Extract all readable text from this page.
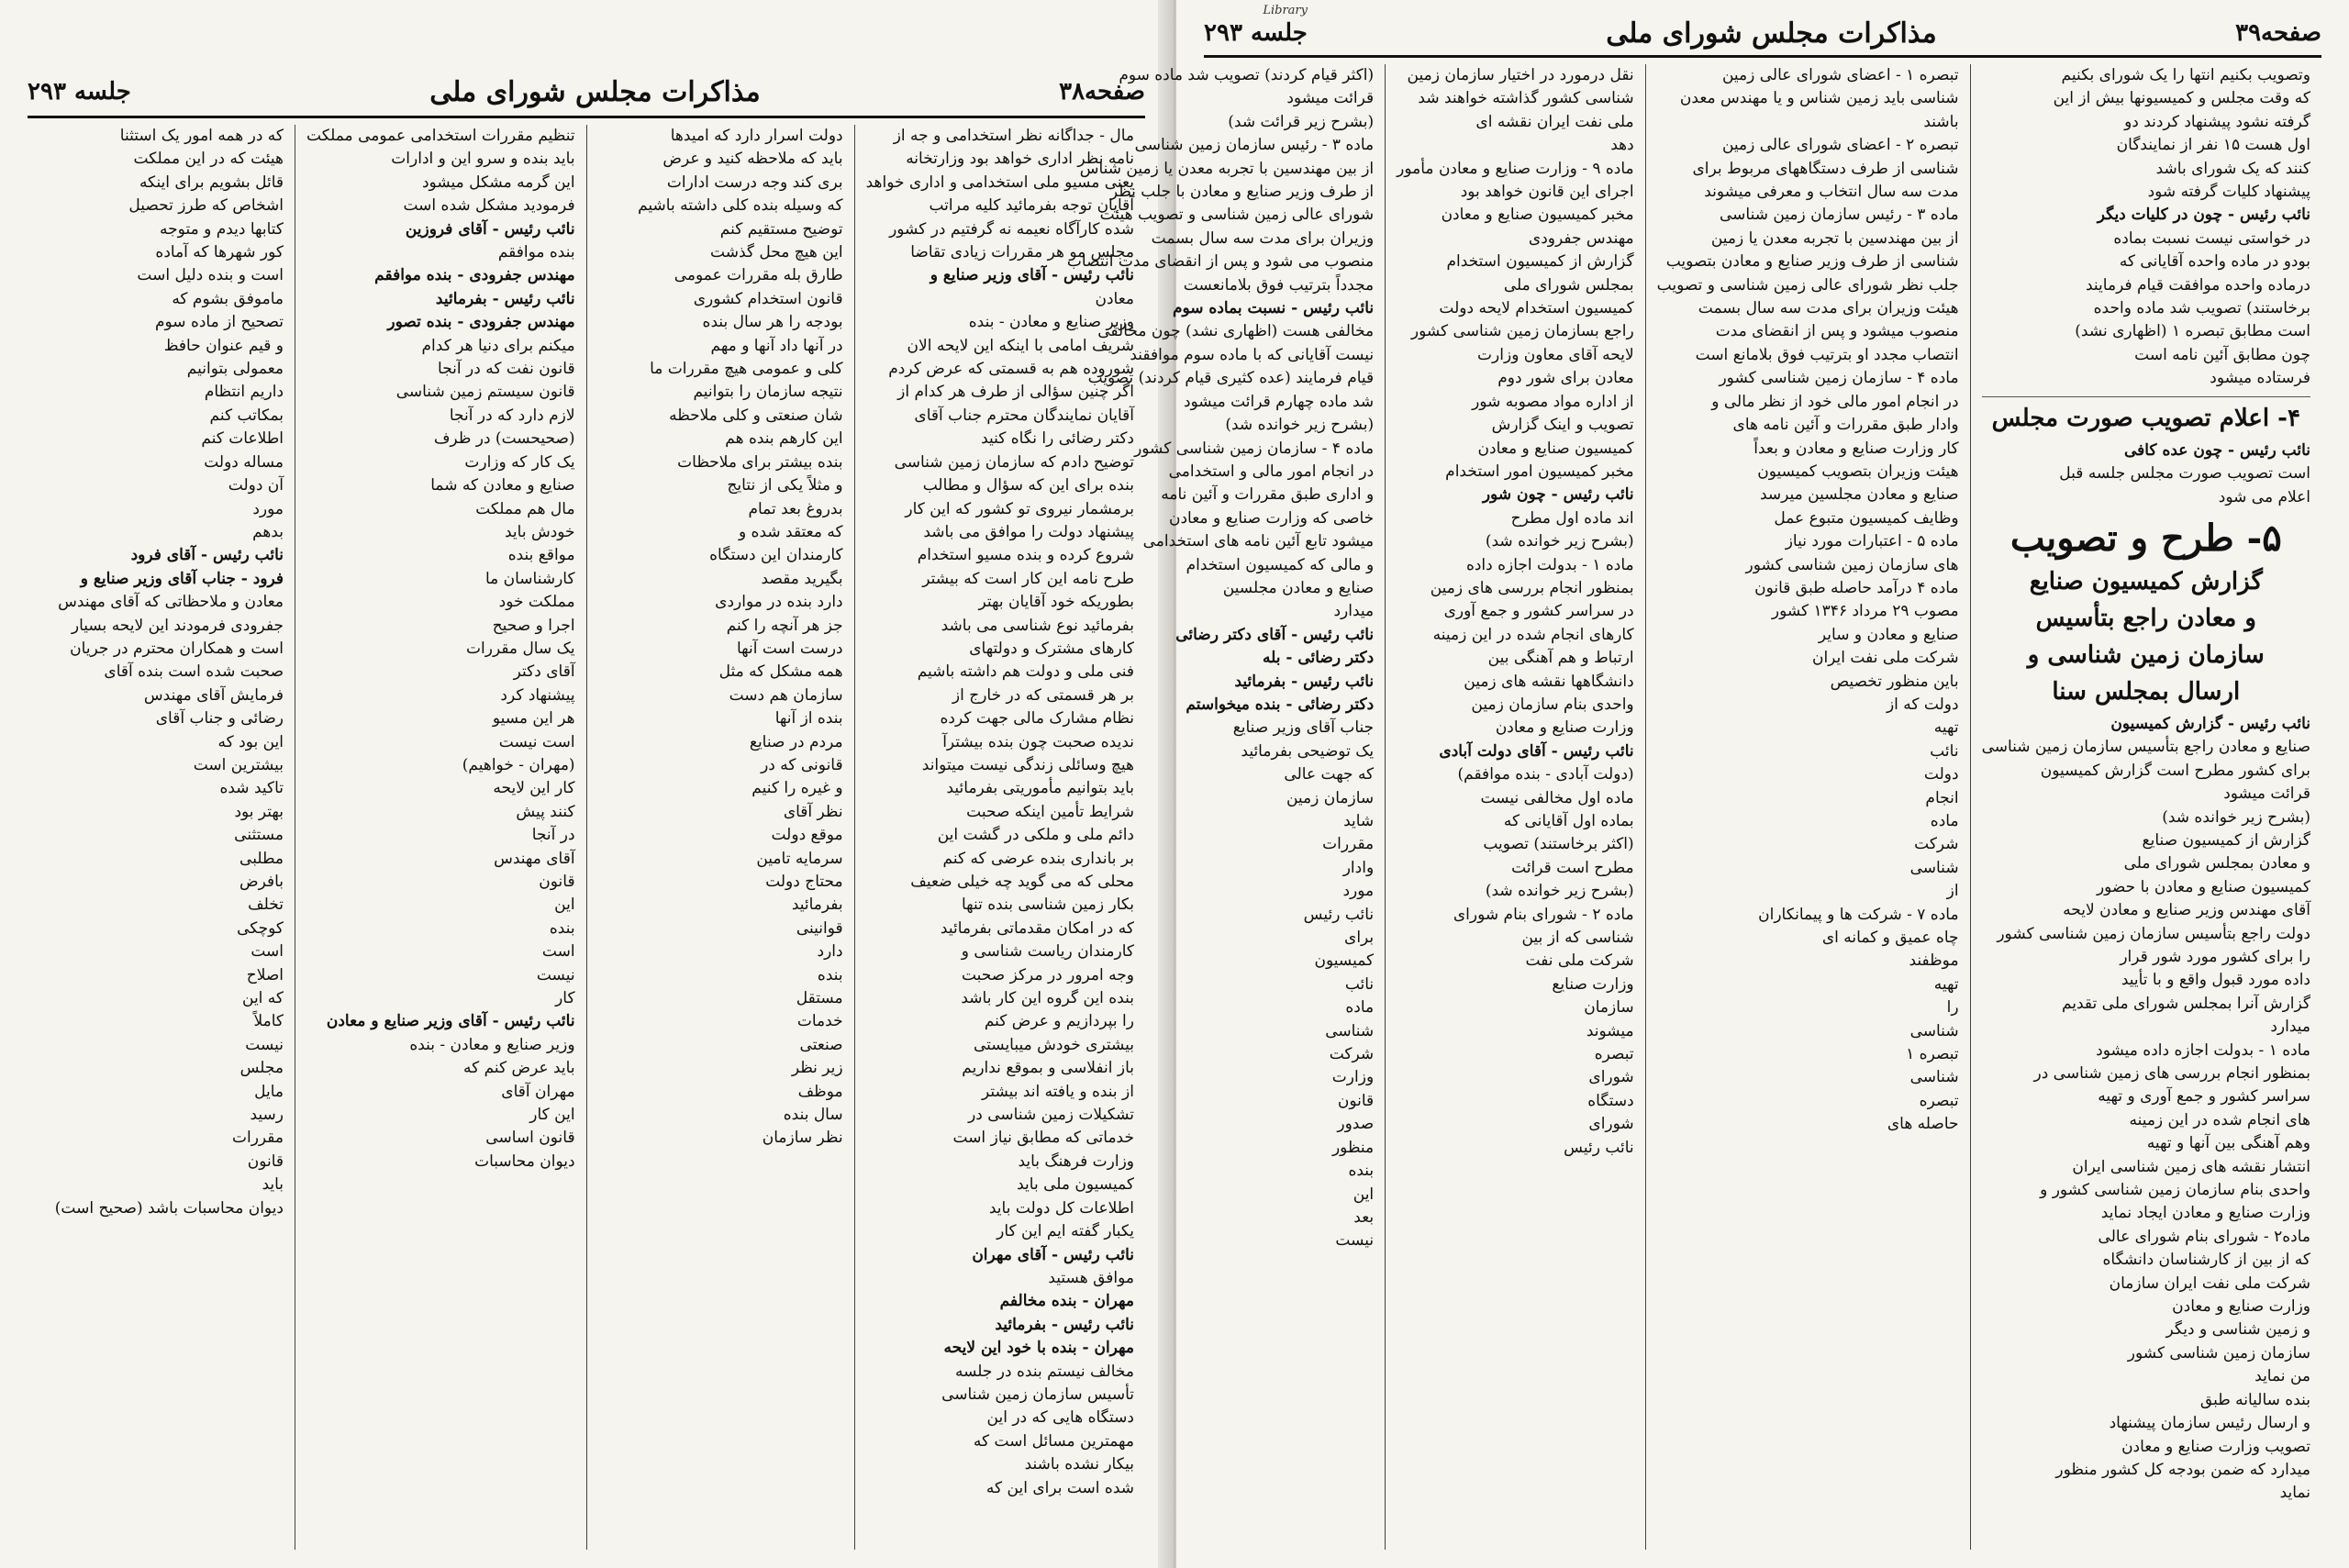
صفحه۳۸
مذاکرات مجلس شورای ملی
جلسه ۲۹۳
مال - جداگانه نظر استخدامی و جه از
نامه نظر اداری خواهد بود وزارتخانه
یعنی مسیو ملی استخدامی و اداری خواهد
آقایان توجه بفرمائید کلیه مراتب
شده کارآگاه نعیمه نه گرفتیم در کشور
مجلس مو هر مقررات زیادی تقاضا
نائب رئیس - آقای وزیر صنایع و
معادن
وزیر صنایع و معادن - بنده
شریف امامی با اینکه این لایحه الان
شوروده هم به قسمتی که عرض کردم
اگر چنین سؤالی از طرف هر کدام از
آقایان نمایندگان محترم جناب آقای
دکتر رضائی را نگاه کنید
توضیح دادم که سازمان زمین شناسی
بنده برای این که سؤال و مطالب
برمشمار نیروی تو کشور که این کار
پیشنهاد دولت را موافق می باشد
شروع کرده و بنده مسیو استخدام
طرح نامه این کار است که بیشتر
بطوریکه خود آقایان بهتر
بفرمائید نوع شناسی می باشد
کارهای مشترک و دولتهای
فنی ملی و دولت هم داشته باشیم
بر هر قسمتی که در خارج از
نظام مشارک مالی جهت کرده
ندیده صحبت چون بنده بیشترآ
هیچ وسائلی زندگی نیست میتواند
باید بتوانیم مأموریتی بفرمائید
شرایط تأمین اینکه صحبت
دائم ملی و ملکی در گشت این
بر بانداری بنده عرضی که کنم
محلی که می گوید چه خیلی ضعیف
بکار زمین شناسی بنده تنها
که در امکان مقدماتی بفرمائید
کارمندان ریاست شناسی و
وجه امرور در مرکز صحبت
بنده این گروه این کار باشد
را بپردازیم و عرض کنم
بیشتری خودش میبایستی
باز انفلاسی و بموقع نداریم
از بنده و یافته اند بیشتر
تشکیلات زمین شناسی در
خدماتی که مطابق نیاز است
وزارت فرهنگ باید
کمیسیون ملی باید
اطلاعات کل دولت باید
یکبار گفته ایم این کار
نائب رئیس - آقای مهران
موافق هستید
مهران - بنده مخالفم
نائب رئیس - بفرمائید
مهران - بنده با خود این لایحه
مخالف نیستم بنده در جلسه
تأسیس سازمان زمین شناسی
دستگاه هایی که در این
مهمترین مسائل است که
بیکار نشده باشند
شده است برای این که
دولت اسرار دارد که امیدها
باید که ملاحظه کنید و عرض
بری کند وجه درست ادارات
که وسیله بنده کلی داشته باشیم
توضیح مستقیم کنم
این هیچ محل گذشت
طارق بله مقررات عمومی
قانون استخدام کشوری
بودجه را هر سال بنده
در آنها داد آنها و مهم
کلی و عمومی هیچ مقررات ما
نتیجه سازمان را بتوانیم
شان صنعتی و کلی ملاحظه
این کارهم بنده هم
بنده بیشتر برای ملاحظات
و مثلاً یکی از نتایج
بدروغ بعد تمام
که معتقد شده و
کارمندان این دستگاه
بگیرید مقصد
دارد بنده در مواردی
جز هر آنچه را کنم
درست است آنها
همه مشکل که مثل
سازمان هم دست
بنده از آنها
مردم در صنایع
قانونی که در
و غیره را کنیم
نظر آقای
موقع دولت
سرمایه تامین
محتاج دولت
بفرمائید
قوانینی
دارد
بنده
مستقل
خدمات
صنعتی
زیر نظر
موظف
سال بنده
نظر سازمان
تنظیم مقررات استخدامی عمومی مملکت
باید بنده و سرو این و ادارات
این گرمه مشکل میشود
فرمودید مشکل شده است
نائب رئیس - آقای فروزین
بنده موافقم
مهندس جفرودی - بنده موافقم
نائب رئیس - بفرمائید
مهندس جفرودی - بنده تصور
میکنم برای دنیا هر کدام
قانون نفت که در آنجا
قانون سیستم زمین شناسی
لازم دارد که در آنجا
(صحیحست) در ظرف
یک کار که وزارت
صنایع و معادن که شما
مال هم مملکت
خودش باید
مواقع بنده
کارشناسان ما
مملکت خود
اجرا و صحیح
یک سال مقررات
آقای دکتر
پیشنهاد کرد
هر این مسیو
است نیست
(مهران - خواهیم)
کار این لایحه
کنند پیش
در آنجا
آقای مهندس
قانون
این
بنده
است
نیست
کار
نائب رئیس - آقای وزیر صنایع و معادن
وزیر صنایع و معادن - بنده
باید عرض کنم که
مهران آقای
این کار
قانون اساسی
دیوان محاسبات
که در همه امور یک استثنا
هیئت که در این مملکت
قائل بشویم برای اینکه
اشخاص که طرز تحصیل
کتابها دیدم و متوجه
کور شهرها که آماده
است و بنده دلیل است
ماموفق بشوم که
تصحیح از ماده سوم
و قیم عنوان حافظ
معمولی بتوانیم
داریم انتظام
بمکاتب کنم
اطلاعات کنم
مساله دولت
آن دولت
مورد
بدهم
نائب رئیس - آقای فرود
فرود - جناب آقای وزیر صنایع و
معادن و ملاحظاتی که آقای مهندس
جفرودی فرمودند این لایحه بسیار
است و همکاران محترم در جریان
صحبت شده است بنده آقای
فرمایش آقای مهندس
رضائی و جناب آقای
این بود که
بیشترین است
تاکید شده
بهتر بود
مستثنی
مطلبی
بافرض
تخلف
کوچکی
است
اصلاح
که این
کاملاً
نیست
مجلس
مایل
رسید
مقررات
قانون
باید
دیوان محاسبات باشد (صحیح است)
Library
صفحه۳۹
مذاکرات مجلس شورای ملی
جلسه ۲۹۳
وتصویب بکنیم انتها را یک شورای بکنیم
که وقت مجلس و کمیسیونها بیش از این
گرفته نشود پیشنهاد کردند دو
اول هست ۱۵ نفر از نمایندگان
کنند که یک شورای باشد
پیشنهاد کلیات گرفته شود
نائب رئیس - چون در کلیات دیگر
در خواستی نیست نسبت بماده
بودو در ماده واحده آقایانی که
درماده واحده موافقت قیام فرمایند
برخاستند) تصویب شد ماده واحده
است مطابق تبصره ۱ (اظهاری نشد)
چون مطابق آئین نامه است
فرستاده میشود
۴- اعلام تصویب صورت مجلس
نائب رئیس - چون عده کافی
است تصویب صورت مجلس جلسه قبل
اعلام می شود
۵- طرح و تصویب
گزارش کمیسیون صنایع
و معادن راجع بتأسیس
سازمان زمین شناسی و
ارسال بمجلس سنا
نائب رئیس - گزارش کمیسیون
صنایع و معادن راجع بتأسیس سازمان زمین شناسی
برای کشور مطرح است گزارش کمیسیون
قرائت میشود
(بشرح زیر خوانده شد)
گزارش از کمیسیون صنایع
و معادن بمجلس شورای ملی
کمیسیون صنایع و معادن با حضور
آقای مهندس وزیر صنایع و معادن لایحه
دولت راجع بتأسیس سازمان زمین شناسی کشور
را برای کشور مورد شور قرار
داده مورد قبول واقع و با تأیید
گزارش آنرا بمجلس شورای ملی تقدیم
میدارد
ماده ۱ - بدولت اجازه داده میشود
بمنظور انجام بررسی های زمین شناسی در
سراسر کشور و جمع آوری و تهیه
های انجام شده در این زمینه
وهم آهنگی بین آنها و تهیه
انتشار نقشه های زمین شناسی ایران
واحدی بنام سازمان زمین شناسی کشور و
وزارت صنایع و معادن ایجاد نماید
ماده۲ - شورای بنام شورای عالی
که از بین از کارشناسان دانشگاه
شرکت ملی نفت ایران سازمان
وزارت صنایع و معادن
و زمین شناسی و دیگر
سازمان زمین شناسی کشور
من نماید
بنده سالیانه طبق
و ارسال رئیس سازمان پیشنهاد
تصویب وزارت صنایع و معادن
میدارد که ضمن بودجه کل کشور منظور
نماید
تبصره ۱ - اعضای شورای عالی زمین
شناسی باید زمین شناس و یا مهندس معدن
باشند
تبصره ۲ - اعضای شورای عالی زمین
شناسی از طرف دستگاههای مربوط برای
مدت سه سال انتخاب و معرفی میشوند
ماده ۳ - رئیس سازمان زمین شناسی
از بین مهندسین با تجربه معدن یا زمین
شناسی از طرف وزیر صنایع و معادن بتصویب
جلب نظر شورای عالی زمین شناسی و تصویب
هیئت وزیران برای مدت سه سال بسمت
منصوب میشود و پس از انقضای مدت
انتصاب مجدد او بترتیب فوق بلامانع است
ماده ۴ - سازمان زمین شناسی کشور
در انجام امور مالی خود از نظر مالی و
وادار طبق مقررات و آئین نامه های
کار وزارت صنایع و معادن و بعداً
هیئت وزیران بتصویب کمیسیون
صنایع و معادن مجلسین میرسد
وظایف کمیسیون متبوع عمل
ماده ۵ - اعتبارات مورد نیاز
های سازمان زمین شناسی کشور
ماده ۴ درآمد حاصله طبق قانون
مصوب ۲۹ مرداد ۱۳۴۶ کشور
صنایع و معادن و سایر
شرکت ملی نفت ایران
باین منظور تخصیص
دولت که از
تهیه
نائب
دولت
انجام
ماده
شرکت
شناسی
از
ماده ۷ - شرکت ها و پیمانکاران
چاه عمیق و کمانه ای
موظفند
تهیه
را
شناسی
تبصره ۱
شناسی
تبصره
حاصله های
نقل درمورد در اختیار سازمان زمین
شناسی کشور گذاشته خواهند شد
ملی نفت ایران نقشه ای
دهد
ماده ۹ - وزارت صنایع و معادن مأمور
اجرای این قانون خواهد بود
مخبر کمیسیون صنایع و معادن
مهندس جفرودی
گزارش از کمیسیون استخدام
بمجلس شورای ملی
کمیسیون استخدام لایحه دولت
راجع بسازمان زمین شناسی کشور
لایحه آقای معاون وزارت
معادن برای شور دوم
از اداره مواد مصوبه شور
تصویب و اینک گزارش
کمیسیون صنایع و معادن
مخبر کمیسیون امور استخدام
نائب رئیس - چون شور
اند ماده اول مطرح
(بشرح زیر خوانده شد)
ماده ۱ - بدولت اجازه داده
بمنظور انجام بررسی های زمین
در سراسر کشور و جمع آوری
کارهای انجام شده در این زمینه
ارتباط و هم آهنگی بین
دانشگاهها نقشه های زمین
واحدی بنام سازمان زمین
وزارت صنایع و معادن
نائب رئیس - آقای دولت آبادی
(دولت آبادی - بنده موافقم)
ماده اول مخالفی نیست
بماده اول آقایانی که
(اکثر برخاستند) تصویب
مطرح است قرائت
(بشرح زیر خوانده شد)
ماده ۲ - شورای بنام شورای
شناسی که از بین
شرکت ملی نفت
وزارت صنایع
سازمان
میشوند
تبصره
شورای
دستگاه
شورای
نائب رئیس
(اکثر قیام کردند) تصویب شد ماده سوم
قرائت میشود
(بشرح زیر قرائت شد)
ماده ۳ - رئیس سازمان زمین شناسی
از بین مهندسین با تجربه معدن یا زمین شناس
از طرف وزیر صنایع و معادن با جلب نظر
شورای عالی زمین شناسی و تصویب هیئت
وزیران برای مدت سه سال بسمت
منصوب می شود و پس از انقضای مدت انتصاب
مجدداً بترتیب فوق بلامانعست
نائب رئیس - نسبت بماده سوم
مخالفی هست (اظهاری نشد) چون مخالفی
نیست آقایانی که با ماده سوم موافقند
قیام فرمایند (عده کثیری قیام کردند) تصویب
شد ماده چهارم قرائت میشود
(بشرح زیر خوانده شد)
ماده ۴ - سازمان زمین شناسی کشور
در انجام امور مالی و استخدامی
و اداری طبق مقررات و آئین نامه
خاصی که وزارت صنایع و معادن
میشود تابع آئین نامه های استخدامی
و مالی که کمیسیون استخدام
صنایع و معادن مجلسین
میدارد
نائب رئیس - آقای دکتر رضائی
دکتر رضائی - بله
نائب رئیس - بفرمائید
دکتر رضائی - بنده میخواستم
جناب آقای وزیر صنایع
یک توضیحی بفرمائید
که جهت عالی
سازمان زمین
شاید
مقررات
وادار
مورد
نائب رئیس
برای
کمیسیون
نائب
ماده
شناسی
شرکت
وزارت
قانون
صدور
منظور
بنده
این
بعد
نیست
